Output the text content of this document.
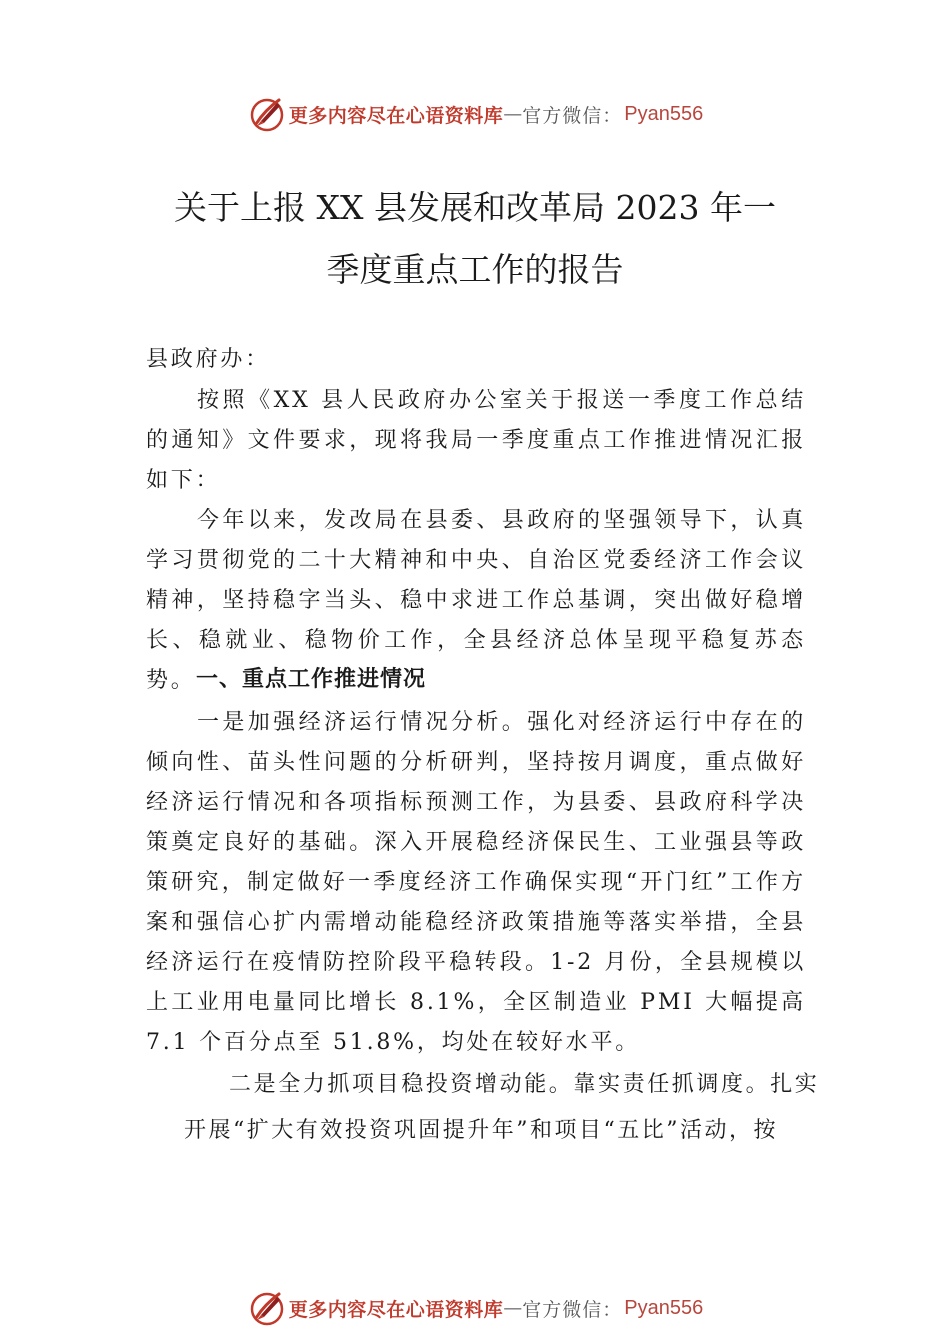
更多内容尽在心语资料库 — 官方微信： Pyan556
关于上报 XX 县发展和改革局 2023 年一
季度重点工作的报告
县政府办：
按照《XX 县人民政府办公室关于报送一季度工作总结的通知》文件要求，现将我局一季度重点工作推进情况汇报如下：
今年以来，发改局在县委、县政府的坚强领导下，认真学习贯彻党的二十大精神和中央、自治区党委经济工作会议精神，坚持稳字当头、稳中求进工作总基调，突出做好稳增长、稳就业、稳物价工作，全县经济总体呈现平稳复苏态势。 一、重点工作推进情况
一是加强经济运行情况分析。强化对经济运行中存在的倾向性、苗头性问题的分析研判，坚持按月调度，重点做好经济运行情况和各项指标预测工作，为县委、县政府科学决策奠定良好的基础。深入开展稳经济保民生、工业强县等政策研究，制定做好一季度经济工作确保实现“开门红”工作方案和强信心扩内需增动能稳经济政策措施等落实举措，全县经济运行在疫情防控阶段平稳转段。1-2 月份，全县规模以上工业用电量同比增长 8.1%，全区制造业 PMI 大幅提高 7.1 个百分点至 51.8%，均处在较好水平。
二是全力抓项目稳投资增动能。靠实责任抓调度。扎实
开展“扩大有效投资巩固提升年”和项目“五比”活动，按
更多内容尽在心语资料库 — 官方微信： Pyan556
